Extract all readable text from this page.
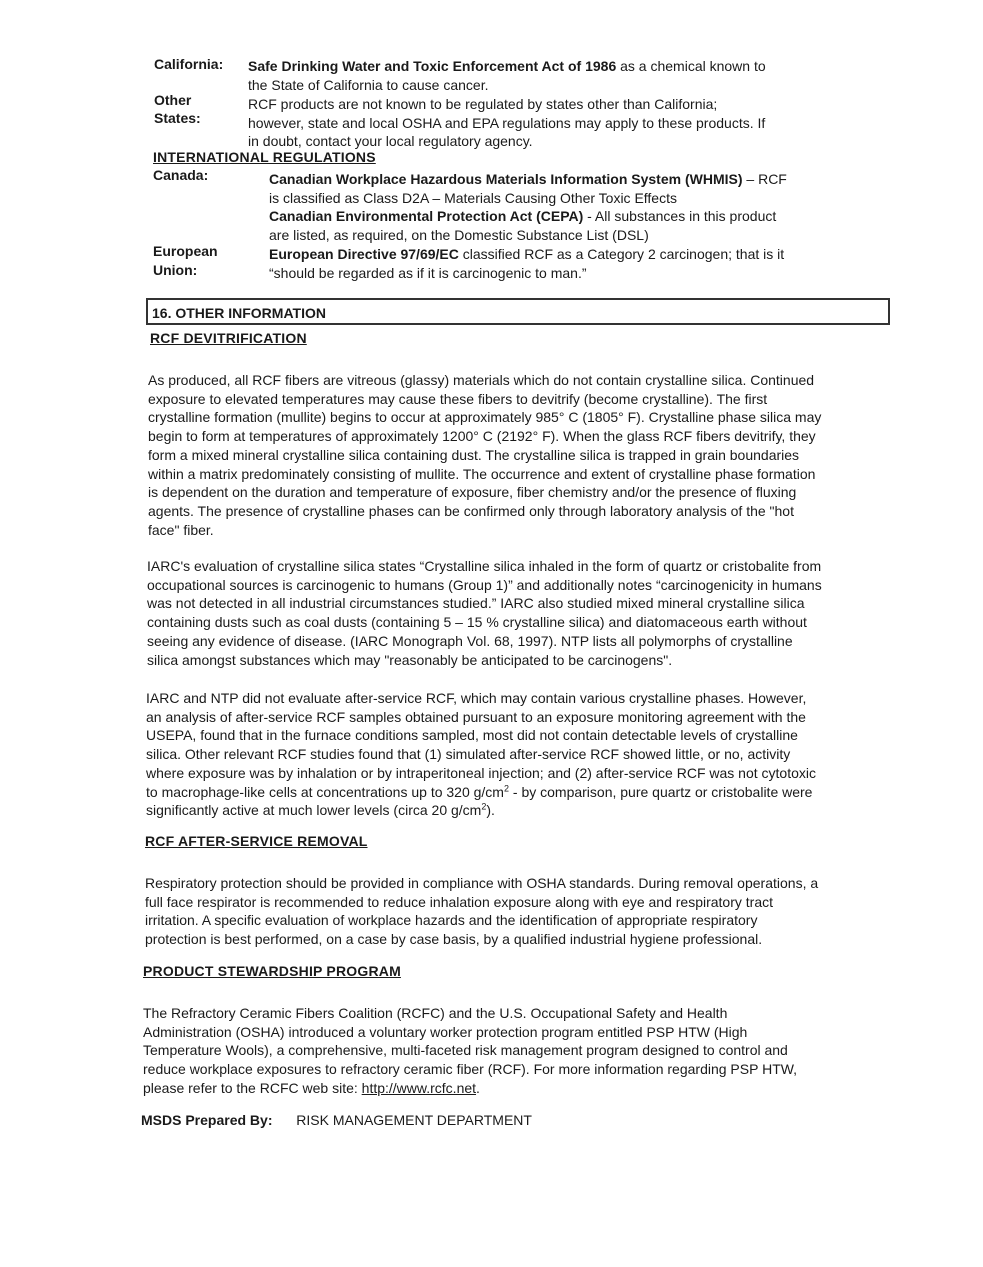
California: Safe Drinking Water and Toxic Enforcement Act of 1986 as a chemical known to
the State of California to cause cancer.
Other
States:
RCF products are not known to be regulated by states other than California;
however, state and local OSHA and EPA regulations may apply to these products. If
in doubt, contact your local regulatory agency.
INTERNATIONAL REGULATIONS
Canada:	Canadian Workplace Hazardous Materials Information System (WHMIS) – RCF
is classified as Class D2A – Materials Causing Other Toxic Effects
Canadian Environmental Protection Act (CEPA) - All substances in this product
are listed, as required, on the Domestic Substance List (DSL)
European
Union:
European Directive 97/69/EC classified RCF as a Category 2 carcinogen; that is it
“should be regarded as if it is carcinogenic to man.”
16. OTHER INFORMATION
RCF DEVITRIFICATION
As produced, all RCF fibers are vitreous (glassy) materials which do not contain crystalline silica. Continued
exposure to elevated temperatures may cause these fibers to devitrify (become crystalline). The first
crystalline formation (mullite) begins to occur at approximately 985° C (1805° F). Crystalline phase silica may
begin to form at temperatures of approximately 1200° C (2192° F). When the glass RCF fibers devitrify, they
form a mixed mineral crystalline silica containing dust. The crystalline silica is trapped in grain boundaries
within a matrix predominately consisting of mullite. The occurrence and extent of crystalline phase formation
is dependent on the duration and temperature of exposure, fiber chemistry and/or the presence of fluxing
agents. The presence of crystalline phases can be confirmed only through laboratory analysis of the "hot
face" fiber.
IARC's evaluation of crystalline silica states “Crystalline silica inhaled in the form of quartz or cristobalite from
occupational sources is carcinogenic to humans (Group 1)” and additionally notes “carcinogenicity in humans
was not detected in all industrial circumstances studied.” IARC also studied mixed mineral crystalline silica
containing dusts such as coal dusts (containing 5 – 15 % crystalline silica) and diatomaceous earth without
seeing any evidence of disease. (IARC Monograph Vol. 68, 1997). NTP lists all polymorphs of crystalline
silica amongst substances which may "reasonably be anticipated to be carcinogens".
IARC and NTP did not evaluate after-service RCF, which may contain various crystalline phases. However,
an analysis of after-service RCF samples obtained pursuant to an exposure monitoring agreement with the
USEPA, found that in the furnace conditions sampled, most did not contain detectable levels of crystalline
silica. Other relevant RCF studies found that (1) simulated after-service RCF showed little, or no, activity
where exposure was by inhalation or by intraperitoneal injection; and (2) after-service RCF was not cytotoxic
to macrophage-like cells at concentrations up to 320 $g/cm^2$ - by comparison, pure quartz or cristobalite were
significantly active at much lower levels (circa 20 $g/cm^2$).
RCF AFTER-SERVICE REMOVAL
Respiratory protection should be provided in compliance with OSHA standards. During removal operations, a
full face respirator is recommended to reduce inhalation exposure along with eye and respiratory tract
irritation. A specific evaluation of workplace hazards and the identification of appropriate respiratory
protection is best performed, on a case by case basis, by a qualified industrial hygiene professional.
PRODUCT STEWARDSHIP PROGRAM
The Refractory Ceramic Fibers Coalition (RCFC) and the U.S. Occupational Safety and Health
Administration (OSHA) introduced a voluntary worker protection program entitled PSP HTW (High
Temperature Wools), a comprehensive, multi-faceted risk management program designed to control and
reduce workplace exposures to refractory ceramic fiber (RCF). For more information regarding PSP HTW,
please refer to the RCFC web site: http://www.rcfc.net.
MSDS Prepared By: RISK MANAGEMENT DEPARTMENT
